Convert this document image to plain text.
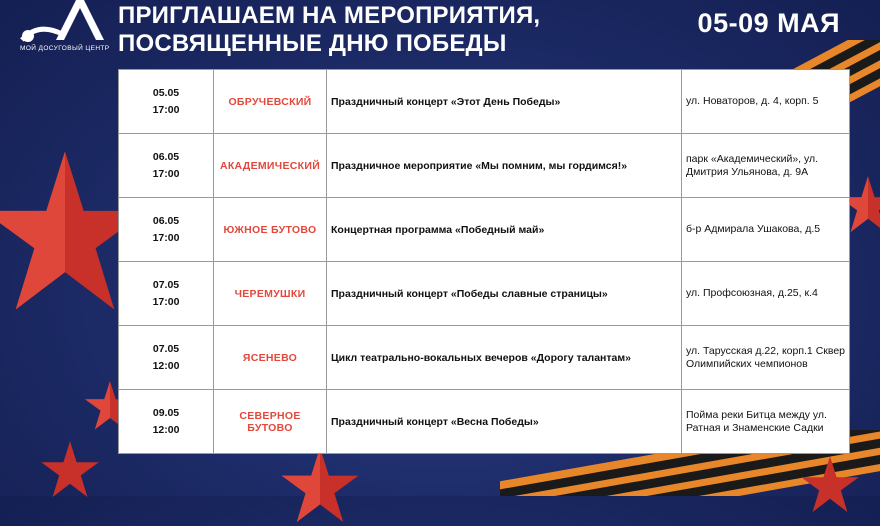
МОЙ ДОСУГОВЫЙ ЦЕНТР
ПРИГЛАШАЕМ НА МЕРОПРИЯТИЯ,
ПОСВЯЩЕННЫЕ ДНЮ ПОБЕДЫ
05-09 МАЯ
05.05
17:00	ОБРУЧЕВСКИЙ	Праздничный концерт «Этот День Победы»	ул. Новаторов, д. 4, корп. 5

06.05
17:00	АКАДЕМИЧЕСКИЙ	Праздничное мероприятие «Мы помним, мы гордимся!»	парк «Академический», ул. Дмитрия Ульянова, д. 9А

06.05
17:00	ЮЖНОЕ БУТОВО	Концертная программа «Победный май»	б-р Адмирала Ушакова, д.5

07.05
17:00	ЧЕРЕМУШКИ	Праздничный концерт «Победы славные страницы»	ул. Профсоюзная, д.25, к.4

07.05
12:00	ЯСЕНЕВО	Цикл театрально-вокальных вечеров «Дорогу талантам»	ул. Тарусская д.22, корп.1 Сквер Олимпийских чемпионов

09.05
12:00	СЕВЕРНОЕ БУТОВО	Праздничный концерт «Весна Победы»	Пойма реки Битца между ул. Ратная и Знаменские Садки
